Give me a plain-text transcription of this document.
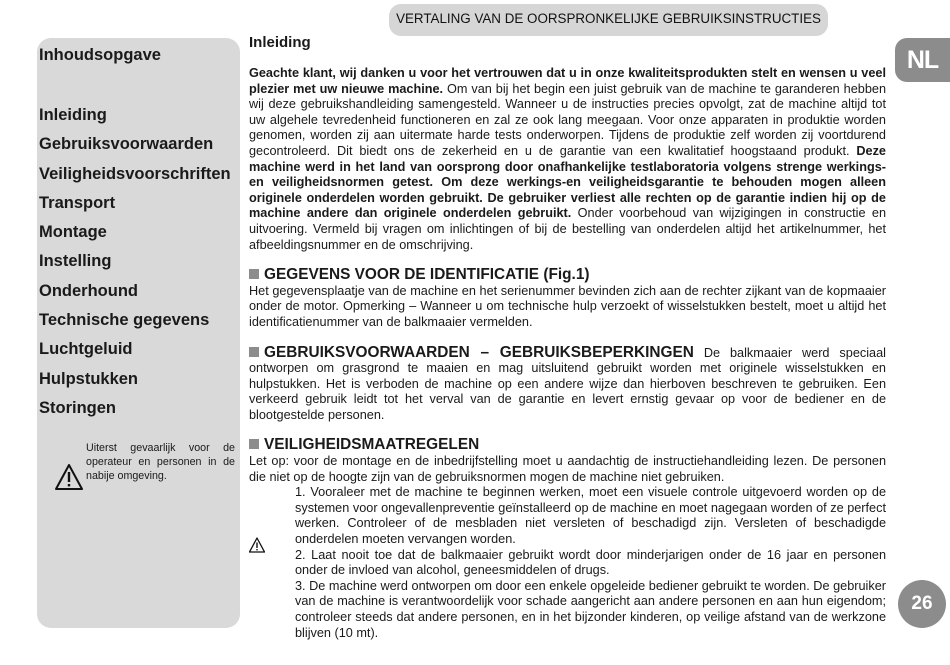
VERTALING VAN DE OORSPRONKELIJKE GEBRUIKSINSTRUCTIES
NL
26
Inhoudsopgave
Inleiding
Gebruiksvoorwaarden
Veiligheidsvoorschriften
Transport
Montage
Instelling
Onderhound
Technische gegevens
Luchtgeluid
Hulpstukken
Storingen
Uiterst gevaarlijk voor de operateur en personen in de nabije omgeving.
Inleiding

Geachte klant, wij danken u voor het vertrouwen dat u in onze kwaliteitsprodukten stelt en wensen u veel plezier met uw nieuwe machine. Om van bij het begin een juist gebruik van de machine te garanderen hebben wij deze gebruikshandleiding samengesteld. Wanneer u de instructies precies opvolgt, zat de machine altijd tot uw algehele tevredenheid functioneren en zal ze ook lang meegaan. Voor onze apparaten in produktie worden genomen, worden zij aan uitermate harde tests onderworpen. Tijdens de produktie zelf worden zij voortdurend gecontroleerd. Dit biedt ons de zekerheid en u de garantie van een kwalitatief hoogstaand produkt. Deze machine werd in het land van oorsprong door onafhankelijke testlaboratoria volgens strenge werkings-en veiligheidsnormen getest. Om deze werkings-en veiligheidsgarantie te behouden mogen alleen originele onderdelen worden gebruikt. De gebruiker verliest alle rechten op de garantie indien hij op de machine andere dan originele onderdelen gebruikt. Onder voorbehoud van wijzigingen in constructie en uitvoering. Vermeld bij vragen om inlichtingen of bij de bestelling van onderdelen altijd het artikelnummer, het afbeeldingsnummer en de omschrijving.

GEGEVENS VOOR DE IDENTIFICATIE (Fig.1)

Het gegevensplaatje van de machine en het serienummer bevinden zich aan de rechter zijkant van de kopmaaier onder de motor. Opmerking – Wanneer u om technische hulp verzoekt of wisselstukken bestelt, moet u altijd het identificatienummer van de balkmaaier vermelden.

GEBRUIKSVOORWAARDEN – GEBRUIKSBEPERKINGEN De balkmaaier werd speciaal ontworpen om grasgrond te maaien en mag uitsluitend gebruikt worden met originele wisselstukken en hulpstukken. Het is verboden de machine op een andere wijze dan hierboven beschreven te gebruiken. Een verkeerd gebruik leidt tot het verval van de garantie en levert ernstig gevaar op voor de bediener en de blootgestelde personen.

VEILIGHEIDSMAATREGELEN

Let op: voor de montage en de inbedrijfstelling moet u aandachtig de instructiehandleiding lezen. De personen die niet op de hoogte zijn van de gebruiksnormen mogen de machine niet gebruiken.

1. Vooraleer met de machine te beginnen werken, moet een visuele controle uitgevoerd worden op de systemen voor ongevallenpreventie geïnstalleerd op de machine en moet nagegaan worden of ze perfect werken. Controleer of de mesbladen niet versleten of beschadigd zijn. Versleten of beschadigde onderdelen moeten vervangen worden.

2. Laat nooit toe dat de balkmaaier gebruikt wordt door minderjarigen onder de 16 jaar en personen onder de invloed van alcohol, geneesmiddelen of drugs.

3. De machine werd ontworpen om door een enkele opgeleide bediener gebruikt te worden. De gebruiker van de machine is verantwoordelijk voor schade aangericht aan andere personen en aan hun eigendom; controleer steeds dat andere personen, en in het bijzonder kinderen, op veilige afstand van de werkzone blijven (10 mt).
